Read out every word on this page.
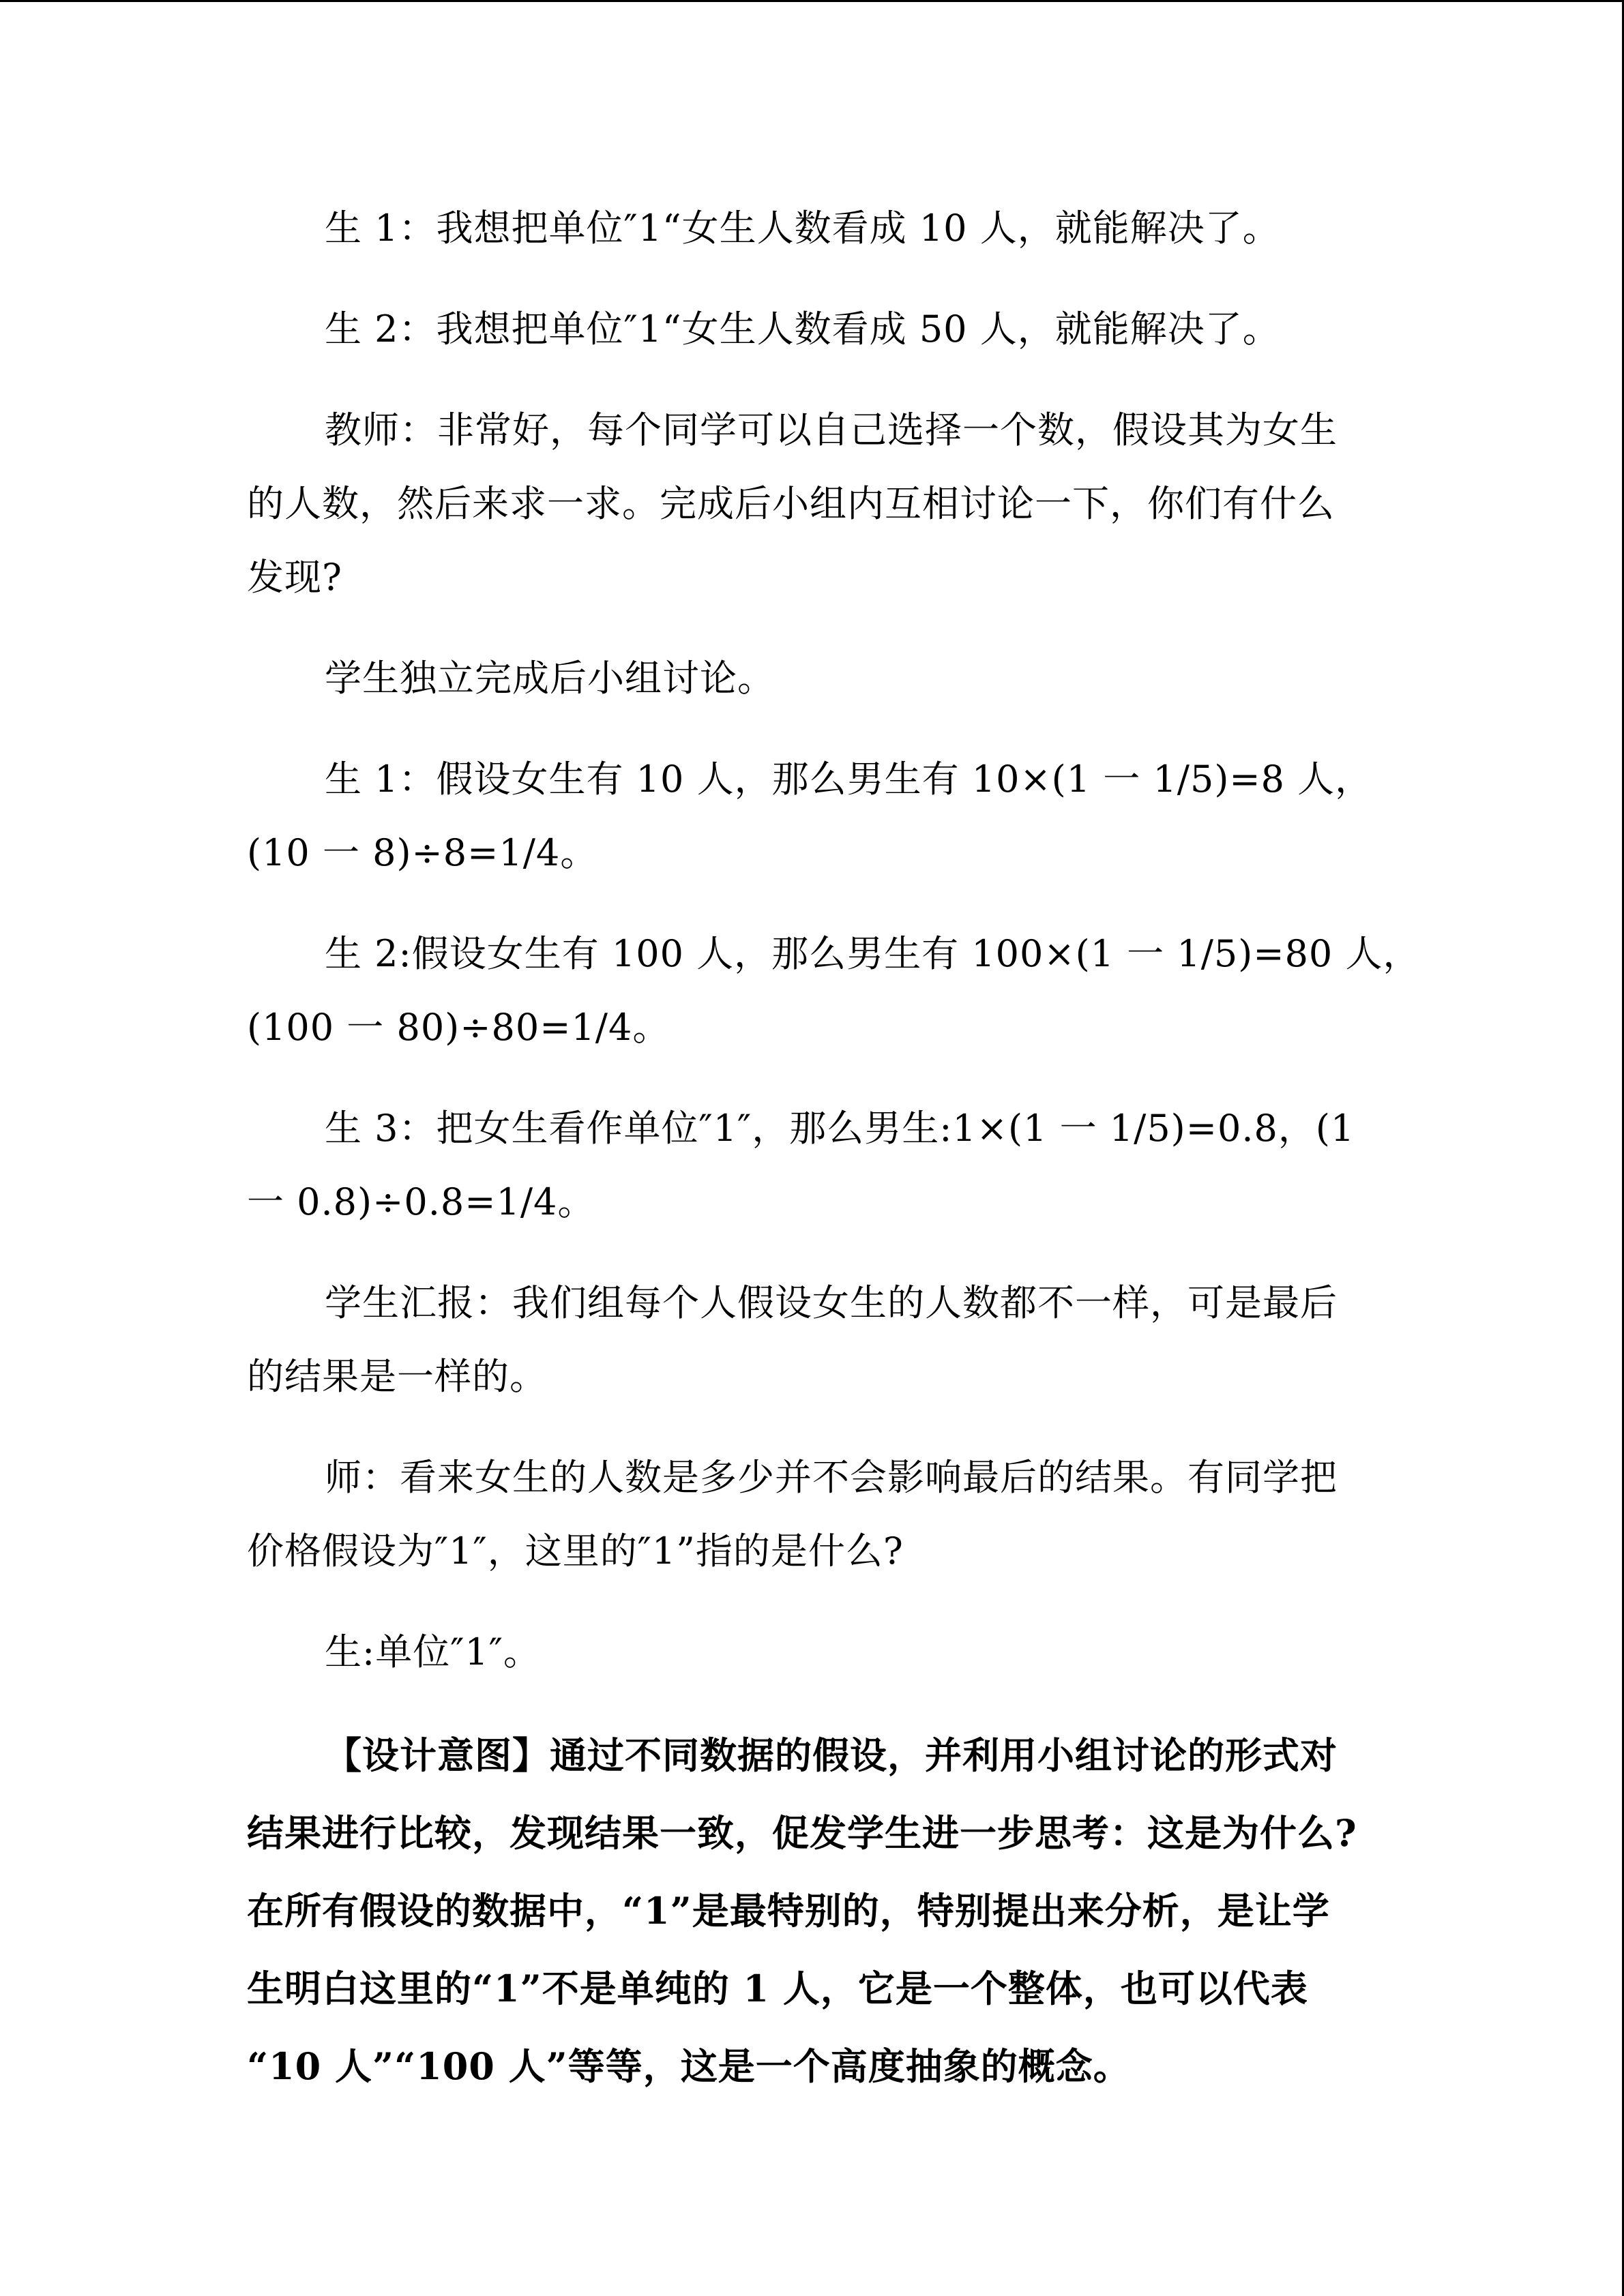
生 1：我想把单位″1“女生人数看成 10 人，就能解决了。

生 2：我想把单位″1“女生人数看成 50 人，就能解决了。

教师：非常好，每个同学可以自己选择一个数，假设其为女生
的人数，然后来求一求。完成后小组内互相讨论一下，你们有什么
发现?

学生独立完成后小组讨论。

生 1：假设女生有 10 人，那么男生有 10×(1 一 1/5)=8 人，
(10 一 8)÷8=1/4。

生 2:假设女生有 100 人，那么男生有 100×(1 一 1/5)=80 人，
(100 一 80)÷80=1/4。

生 3：把女生看作单位″1″，那么男生:1×(1 一 1/5)=0.8，(1
一 0.8)÷0.8=1/4。

学生汇报：我们组每个人假设女生的人数都不一样，可是最后
的结果是一样的。

师：看来女生的人数是多少并不会影响最后的结果。有同学把
价格假设为″1″，这里的″1”指的是什么?

生:单位″1″。

【设计意图】通过不同数据的假设，并利用小组讨论的形式对
结果进行比较，发现结果一致，促发学生进一步思考：这是为什么?
在所有假设的数据中，“1”是最特别的，特别提出来分析，是让学
生明白这里的“1”不是单纯的 1 人，它是一个整体，也可以代表
“10 人”“100 人”等等，这是一个高度抽象的概念。
